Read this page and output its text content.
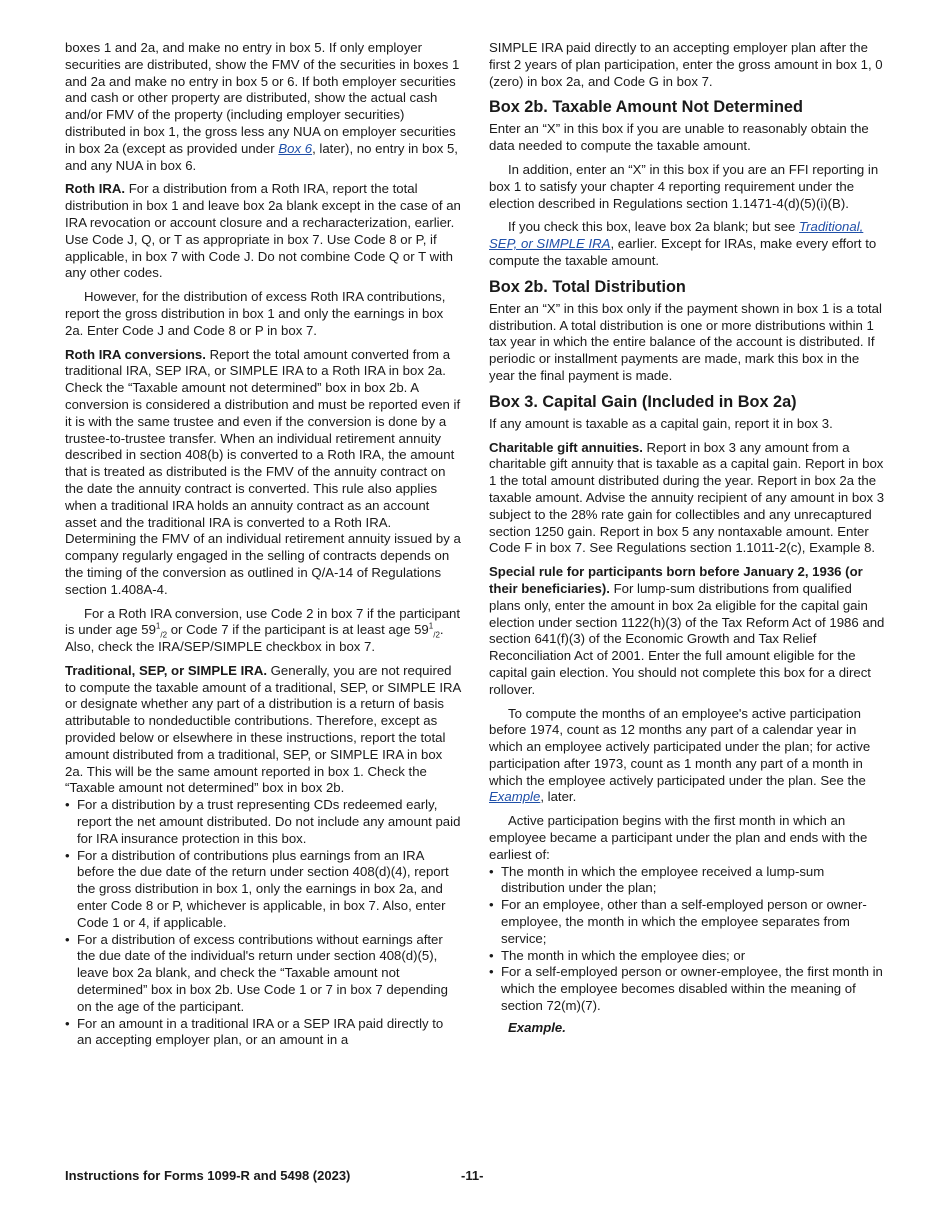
boxes 1 and 2a, and make no entry in box 5. If only employer securities are distributed, show the FMV of the securities in boxes 1 and 2a and make no entry in box 5 or 6. If both employer securities and cash or other property are distributed, show the actual cash and/or FMV of the property (including employer securities) distributed in box 1, the gross less any NUA on employer securities in box 2a (except as provided under Box 6, later), no entry in box 5, and any NUA in box 6.

Roth IRA. For a distribution from a Roth IRA, report the total distribution in box 1 and leave box 2a blank except in the case of an IRA revocation or account closure and a recharacterization, earlier. Use Code J, Q, or T as appropriate in box 7. Use Code 8 or P, if applicable, in box 7 with Code J. Do not combine Code Q or T with any other codes.

However, for the distribution of excess Roth IRA contributions, report the gross distribution in box 1 and only the earnings in box 2a. Enter Code J and Code 8 or P in box 7.

Roth IRA conversions. Report the total amount converted from a traditional IRA, SEP IRA, or SIMPLE IRA to a Roth IRA in box 2a. Check the “Taxable amount not determined” box in box 2b. A conversion is considered a distribution and must be reported even if it is with the same trustee and even if the conversion is done by a trustee-to-trustee transfer. When an individual retirement annuity described in section 408(b) is converted to a Roth IRA, the amount that is treated as distributed is the FMV of the annuity contract on the date the annuity contract is converted. This rule also applies when a traditional IRA holds an annuity contract as an account asset and the traditional IRA is converted to a Roth IRA. Determining the FMV of an individual retirement annuity issued by a company regularly engaged in the selling of contracts depends on the timing of the conversion as outlined in Q/A-14 of Regulations section 1.408A-4.

For a Roth IRA conversion, use Code 2 in box 7 if the participant is under age $59^1_{/2}$ or Code 7 if the participant is at least age $59^1_{/2}$. Also, check the IRA/SEP/SIMPLE checkbox in box 7.

Traditional, SEP, or SIMPLE IRA. Generally, you are not required to compute the taxable amount of a traditional, SEP, or SIMPLE IRA or designate whether any part of a distribution is a return of basis attributable to nondeductible contributions. Therefore, except as provided below or elsewhere in these instructions, report the total amount distributed from a traditional, SEP, or SIMPLE IRA in box 2a. This will be the same amount reported in box 1. Check the “Taxable amount not determined” box in box 2b.

• For a distribution by a trust representing CDs redeemed early, report the net amount distributed. Do not include any amount paid for IRA insurance protection in this box.
• For a distribution of contributions plus earnings from an IRA before the due date of the return under section 408(d)(4), report the gross distribution in box 1, only the earnings in box 2a, and enter Code 8 or P, whichever is applicable, in box 7. Also, enter Code 1 or 4, if applicable.
• For a distribution of excess contributions without earnings after the due date of the individual's return under section 408(d)(5), leave box 2a blank, and check the “Taxable amount not determined” box in box 2b. Use Code 1 or 7 in box 7 depending on the age of the participant.
• For an amount in a traditional IRA or a SEP IRA paid directly to an accepting employer plan, or an amount in a

SIMPLE IRA paid directly to an accepting employer plan after the first 2 years of plan participation, enter the gross amount in box 1, 0 (zero) in box 2a, and Code G in box 7.

Box 2b. Taxable Amount Not Determined

Enter an “X” in this box if you are unable to reasonably obtain the data needed to compute the taxable amount.

In addition, enter an “X” in this box if you are an FFI reporting in box 1 to satisfy your chapter 4 reporting requirement under the election described in Regulations section 1.1471-4(d)(5)(i)(B).

If you check this box, leave box 2a blank; but see Traditional, SEP, or SIMPLE IRA, earlier. Except for IRAs, make every effort to compute the taxable amount.

Box 2b. Total Distribution

Enter an “X” in this box only if the payment shown in box 1 is a total distribution. A total distribution is one or more distributions within 1 tax year in which the entire balance of the account is distributed. If periodic or installment payments are made, mark this box in the year the final payment is made.

Box 3. Capital Gain (Included in Box 2a)

If any amount is taxable as a capital gain, report it in box 3.

Charitable gift annuities. Report in box 3 any amount from a charitable gift annuity that is taxable as a capital gain. Report in box 1 the total amount distributed during the year. Report in box 2a the taxable amount. Advise the annuity recipient of any amount in box 3 subject to the 28% rate gain for collectibles and any unrecaptured section 1250 gain. Report in box 5 any nontaxable amount. Enter Code F in box 7. See Regulations section 1.1011-2(c), Example 8.

Special rule for participants born before January 2, 1936 (or their beneficiaries). For lump-sum distributions from qualified plans only, enter the amount in box 2a eligible for the capital gain election under section 1122(h)(3) of the Tax Reform Act of 1986 and section 641(f)(3) of the Economic Growth and Tax Relief Reconciliation Act of 2001. Enter the full amount eligible for the capital gain election. You should not complete this box for a direct rollover.

To compute the months of an employee's active participation before 1974, count as 12 months any part of a calendar year in which an employee actively participated under the plan; for active participation after 1973, count as 1 month any part of a month in which the employee actively participated under the plan. See the Example, later.

Active participation begins with the first month in which an employee became a participant under the plan and ends with the earliest of:

• The month in which the employee received a lump-sum distribution under the plan;
• For an employee, other than a self-employed person or owner-employee, the month in which the employee separates from service;
• The month in which the employee dies; or
• For a self-employed person or owner-employee, the first month in which the employee becomes disabled within the meaning of section 72(m)(7).
Example.
Instructions for Forms 1099-R and 5498 (2023)	-11-
